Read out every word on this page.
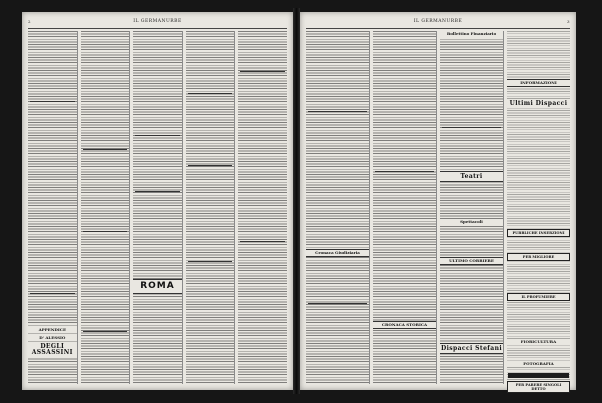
2	IL GERMANURBE
APPENDICE
D' ALESSIO
DEGLI ASSASSINI
ROMA
IL GERMANURBE	3
Cronaca Giudiziaria
CRONACA STORICA
Bollettino Finanziario
Teatri
Spettacoli
ULTIMO CORRIERE
Dispacci Stefani
INFORMAZIONI
Ultimi Dispacci
PUBBLICHE INSERZIONI
PER MIGLIORE
IL PROFUMIERE
FIORICULTURA
FOTOGRAFIA
PER PARERE SINGOLI DETTO
